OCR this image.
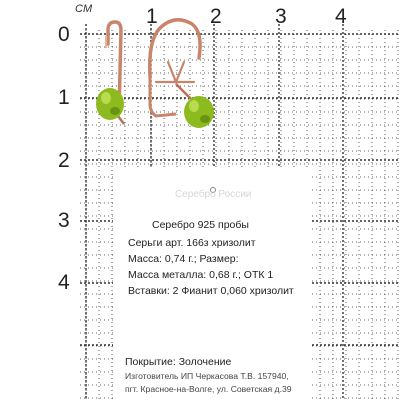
CM	1 2	3 4
0
1
2
3
4
Серебро России
Серебро 925 пробы
Серьги арт. 166з хризолит
Масса: 0,74 г.; Размер:
Масса металла: 0,68 г.; ОТК 1
Вставки: 2 Фианит 0,060 хризолит
Покрытие: Золочение
Изготовитель ИП Черкасова Т.В. 157940,
пгт. Красное-на-Волге, ул. Советская д.39
